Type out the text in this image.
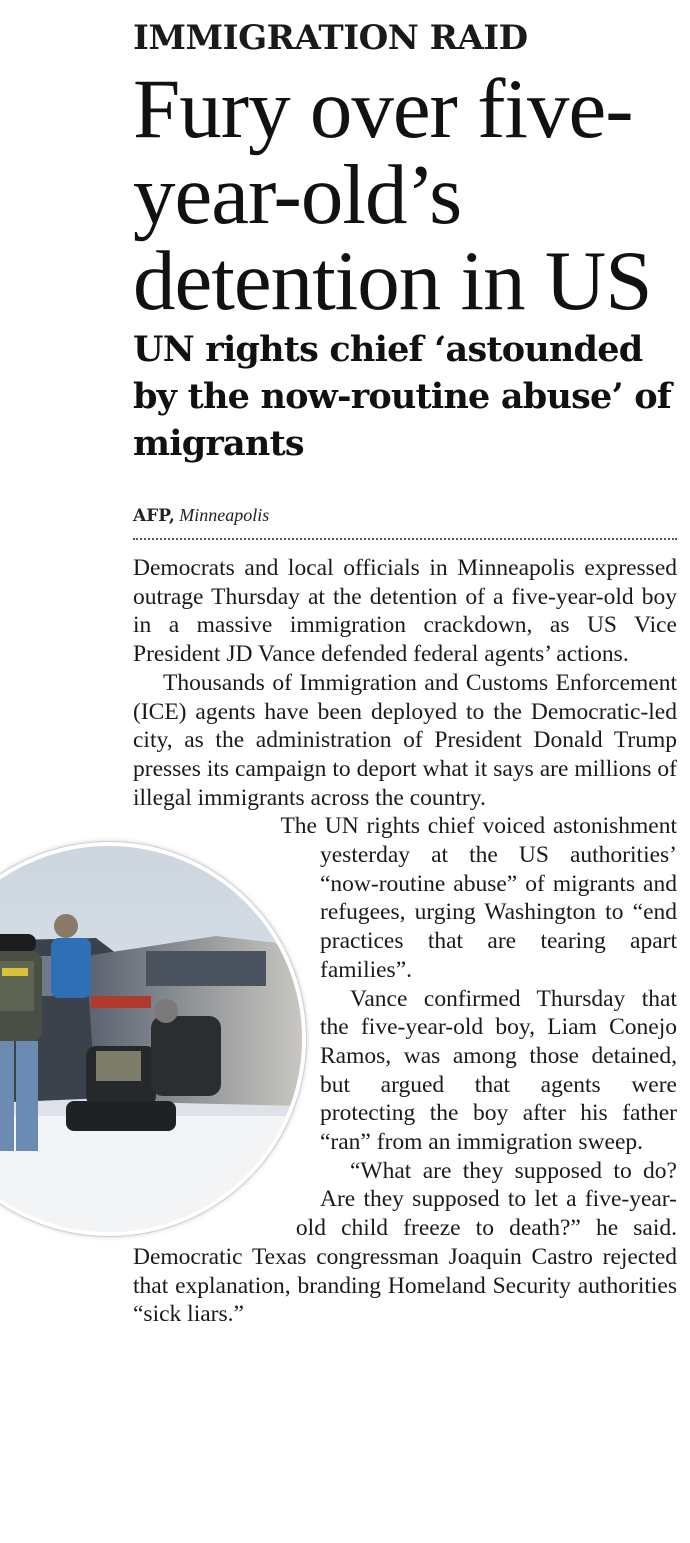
IMMIGRATION RAID
Fury over five-year-old’s detention in US
UN rights chief ‘astounded by the now-routine abuse’ of migrants
AFP, Minneapolis

Democrats and local officials in Minneapolis expressed outrage Thursday at the detention of a five-year-old boy in a massive immigration crackdown, as US Vice President JD Vance defended federal agents’ actions.

Thousands of Immigration and Customs Enforcement (ICE) agents have been deployed to the Democratic-led city, as the administration of President Donald Trump presses its campaign to deport what it says are millions of illegal immigrants across the country.

The UN rights chief voiced astonishment yesterday at the US authorities’ “now-routine abuse” of migrants and refugees, urging Washington to “end practices that are tearing apart families”.

Vance confirmed Thursday that the five-year-old boy, Liam Conejo Ramos, was among those detained, but argued that agents were protecting the boy after his father “ran” from an immigration sweep.

“What are they supposed to do? Are they supposed to let a five-year-old child freeze to death?” he said. Democratic Texas congressman Joaquin Castro rejected that explanation, branding Homeland Security authorities “sick liars.”
